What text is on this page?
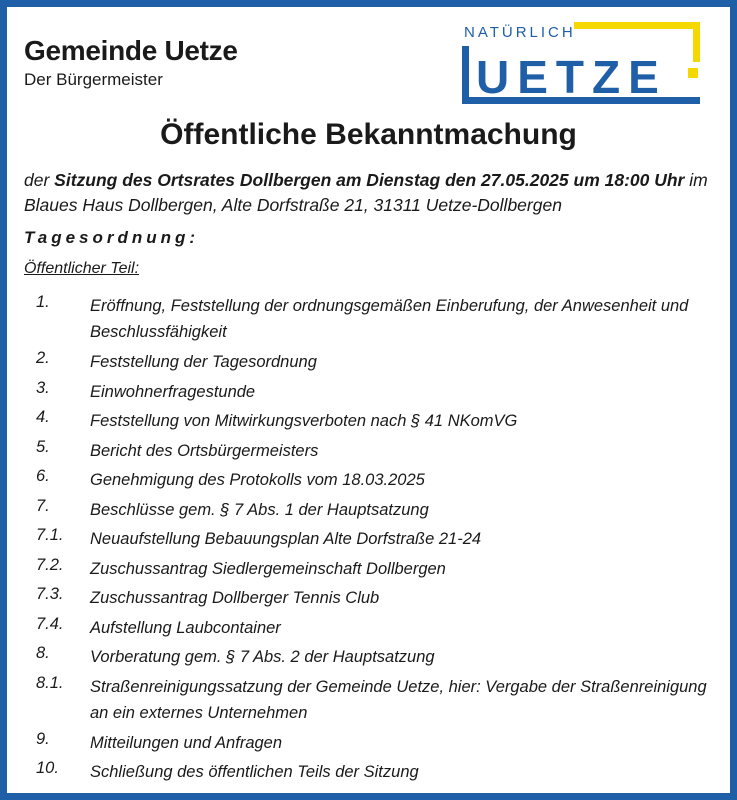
Gemeinde Uetze
Der Bürgermeister
NATÜRLICH
UETZE
Öffentliche Bekanntmachung
der Sitzung des Ortsrates Dollbergen am Dienstag den 27.05.2025 um 18:00 Uhr im Blaues Haus Dollbergen, Alte Dorfstraße 21, 31311 Uetze-Dollbergen
Tagesordnung:
Öffentlicher Teil:
1. Eröffnung, Feststellung der ordnungsgemäßen Einberufung, der Anwesenheit und Beschlussfähigkeit
2. Feststellung der Tagesordnung
3. Einwohnerfragestunde
4. Feststellung von Mitwirkungsverboten nach § 41 NKomVG
5. Bericht des Ortsbürgermeisters
6. Genehmigung des Protokolls vom 18.03.2025
7. Beschlüsse gem. § 7 Abs. 1 der Hauptsatzung
7.1. Neuaufstellung Bebauungsplan Alte Dorfstraße 21-24
7.2. Zuschussantrag Siedlergemeinschaft Dollbergen
7.3. Zuschussantrag Dollberger Tennis Club
7.4. Aufstellung Laubcontainer
8. Vorberatung gem. § 7 Abs. 2 der Hauptsatzung
8.1. Straßenreinigungssatzung der Gemeinde Uetze, hier: Vergabe der Straßenreinigung an ein externes Unternehmen
9. Mitteilungen und Anfragen
10. Schließung des öffentlichen Teils der Sitzung
